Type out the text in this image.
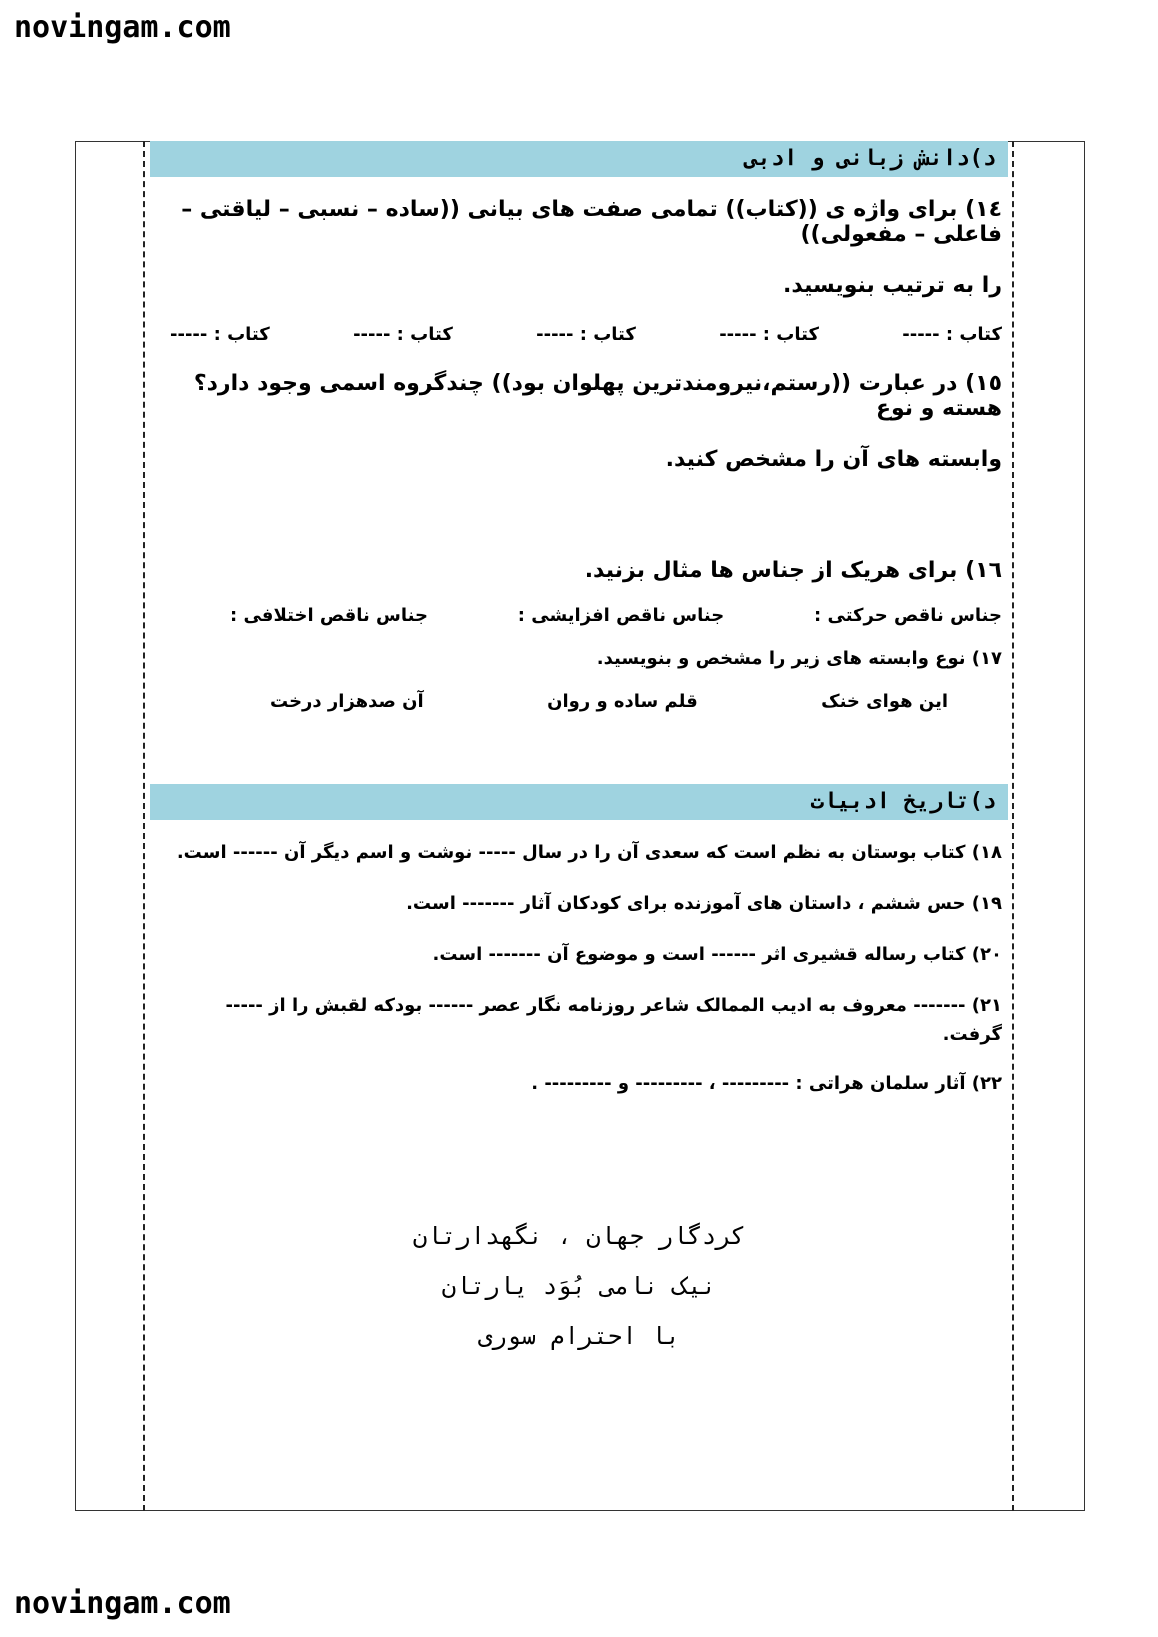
novingam.com
د)دانش زبانی و ادبی
١٤) برای واژه ی ((کتاب)) تمامی صفت های بیانی ((ساده – نسبی – لیاقتی – فاعلی – مفعولی))
را به ترتیب بنویسید.
کتاب : -----
کتاب : -----
کتاب : -----
کتاب : -----
کتاب : -----
١٥) در عبارت ((رستم،نیرومندترین پهلوان بود)) چندگروه اسمی وجود دارد؟هسته و نوع
وابسته های آن را مشخص کنید.
١٦) برای هریک از جناس ها مثال بزنید.
جناس ناقص حرکتی :
جناس ناقص افزایشی :
جناس ناقص اختلافی :
١٧) نوع وابسته های زیر را مشخص و بنویسید.
این هوای خنک
قلم ساده و روان
آن صدهزار درخت
د)تاریخ ادبیات
١٨) کتاب بوستان به نظم است که سعدی آن را در سال ----- نوشت و اسم دیگر آن ------ است.
١٩) حس ششم ، داستان های آموزنده برای کودکان آثار ------- است.
٢٠) کتاب رساله قشیری اثر ------ است و موضوع آن ------- است.
٢١) ------- معروف به ادیب الممالک شاعر روزنامه نگار عصر ------ بودکه لقبش را از -----
گرفت.
٢٢) آثار سلمان هراتی : --------- ، --------- و --------- .
کردگار جهان ، نگهدارتان
نیک نامی بُوَد یارتان
با احترام سوری
novingam.com
